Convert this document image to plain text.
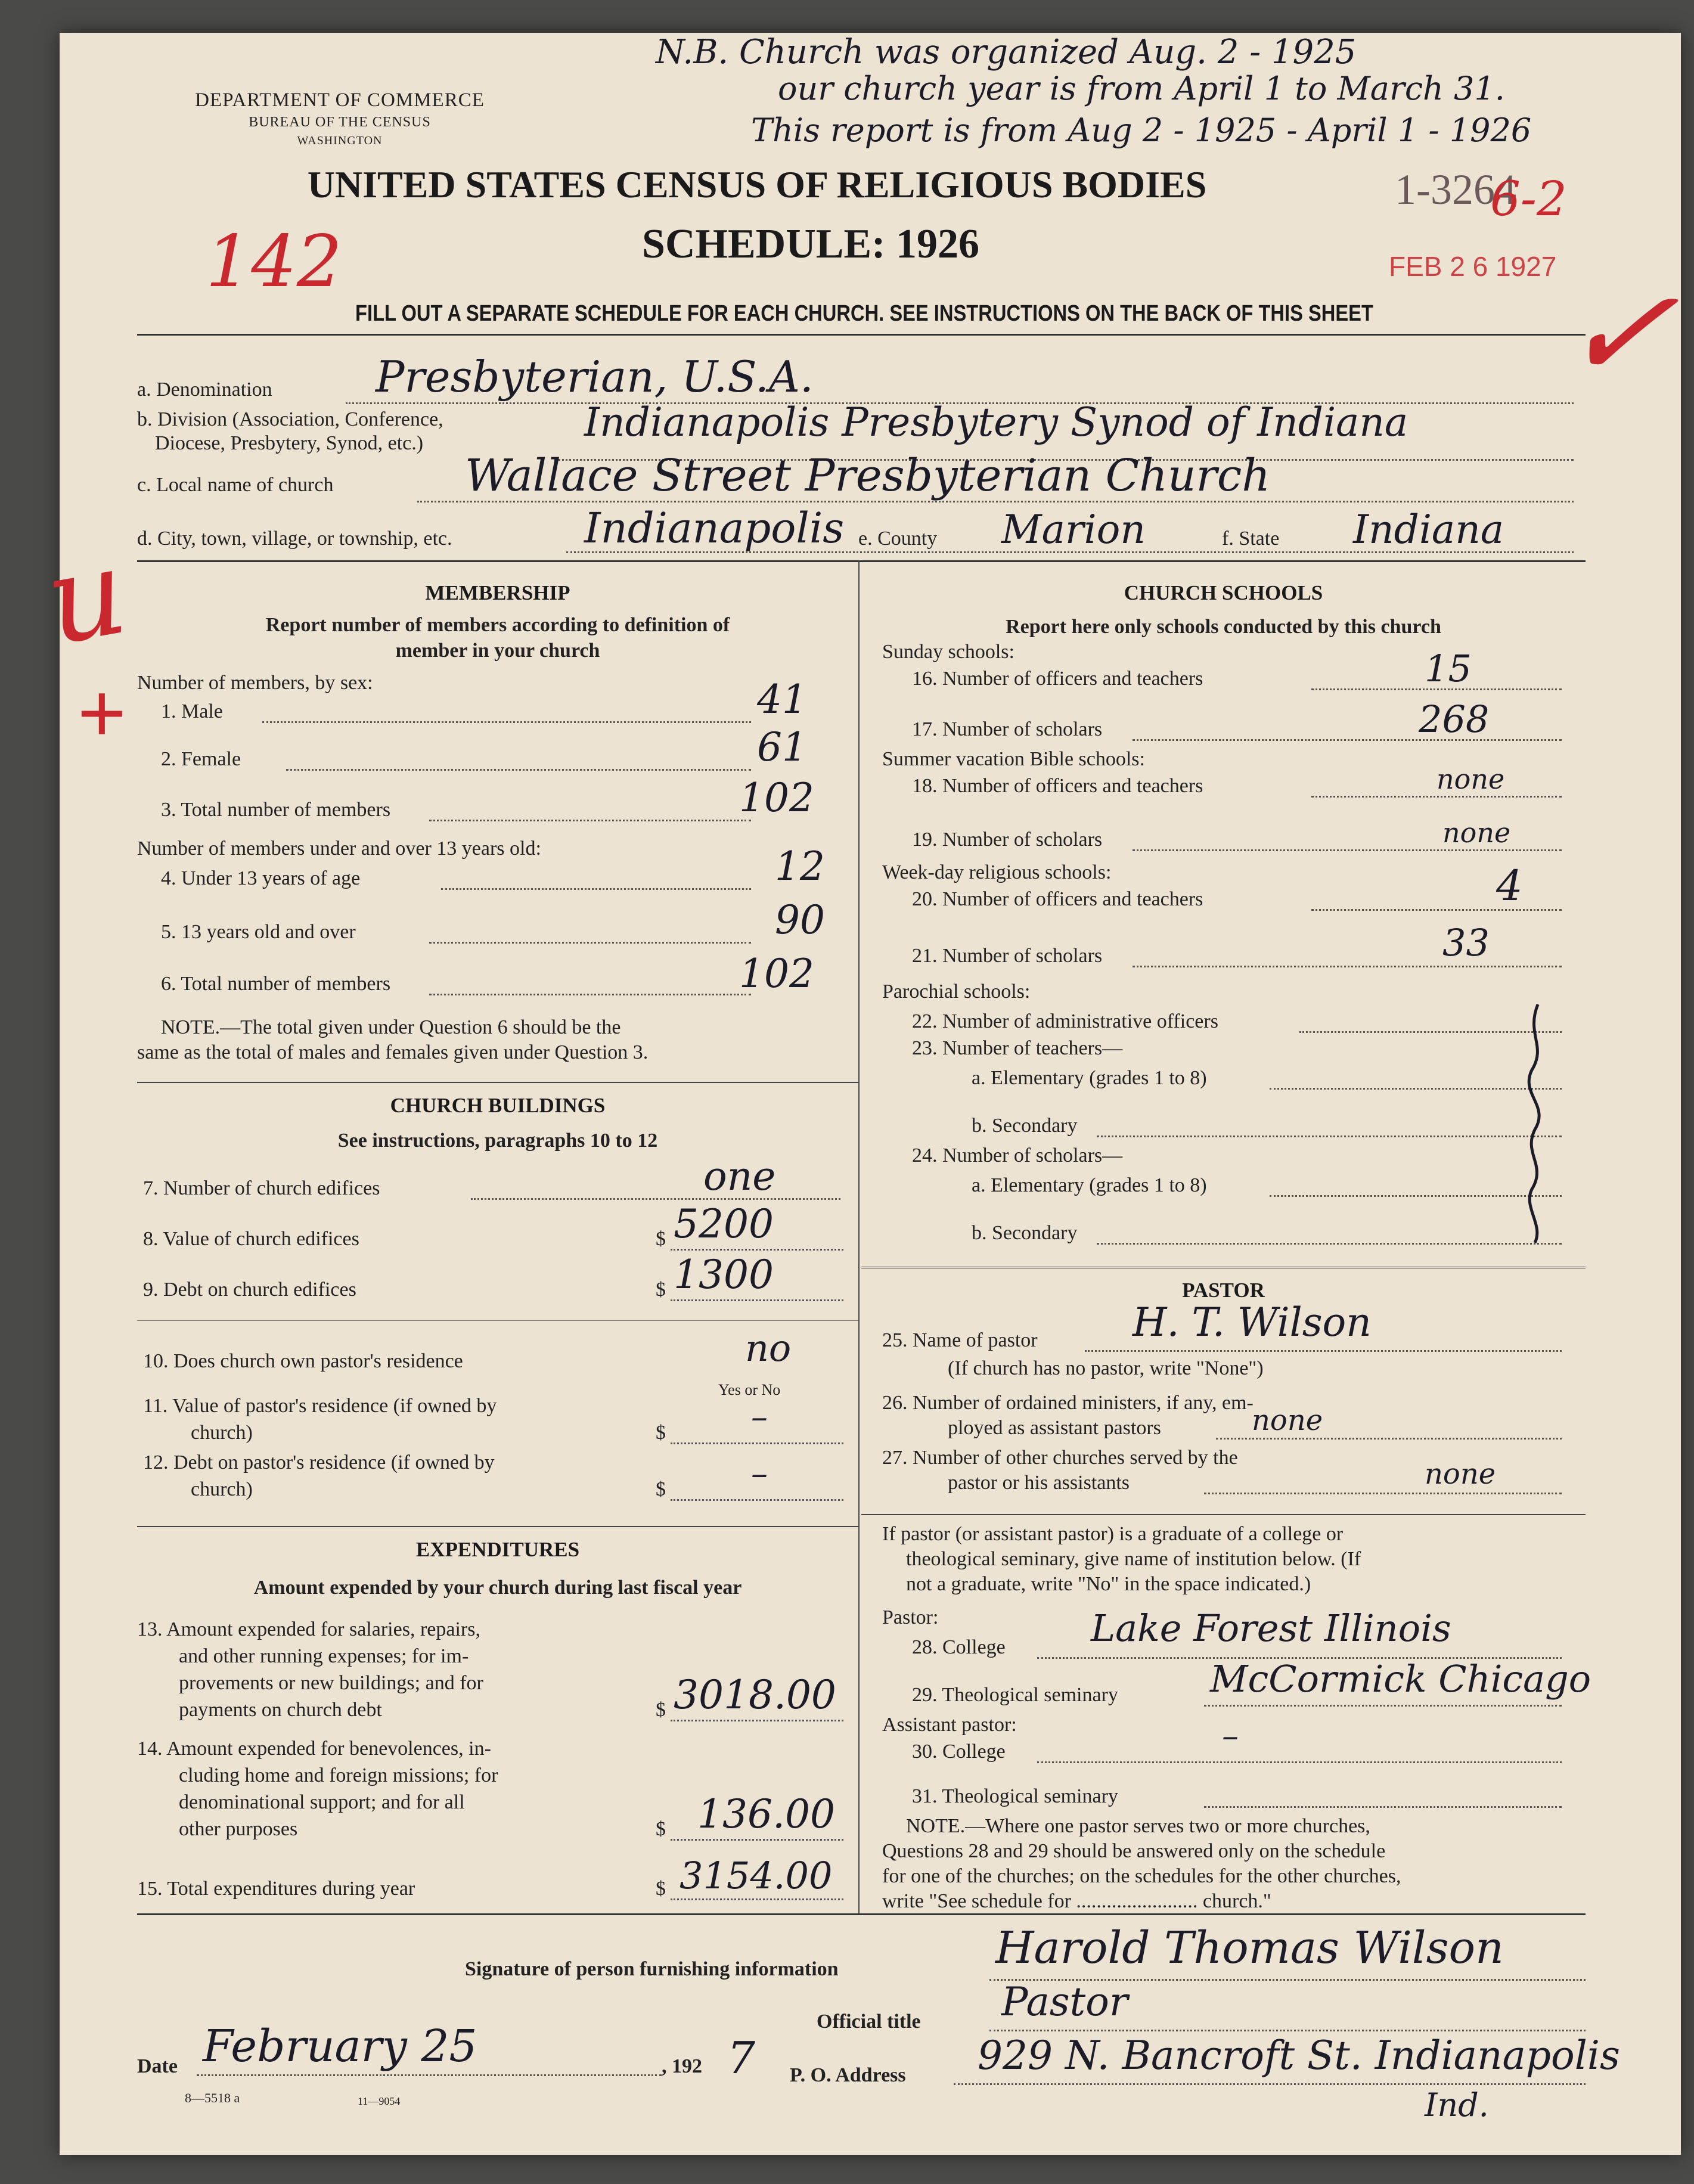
DEPARTMENT OF COMMERCE
BUREAU OF THE CENSUS
WASHINGTON
UNITED STATES CENSUS OF RELIGIOUS BODIES
SCHEDULE: 1926
FILL OUT A SEPARATE SCHEDULE FOR EACH CHURCH. SEE INSTRUCTIONS ON THE BACK OF THIS SHEET
N.B. Church was organized Aug. 2 - 1925
our church year is from April 1 to March 31.
This report is from Aug 2 - 1925 - April 1 - 1926
142
1-3264
6-2
FEB 2 6 1927
✓
u
+
a. Denomination Presbyterian, U.S.A.
b. Division (Association, Conference,
Diocese, Presbytery, Synod, etc.)	Indianapolis Presbytery Synod of Indiana
c. Local name of church	Wallace Street Presbyterian Church
d. City, town, village, or township, etc.	Indianapolis e. County Marion	f. State Indiana
MEMBERSHIP
Report number of members according to definition of
member in your church
Number of members, by sex:
1. Male	41
2. Female	61
3. Total number of members	102
Number of members under and over 13 years old:
4. Under 13 years of age	12
5. 13 years old and over	90
6. Total number of members	102
NOTE.—The total given under Question 6 should be the
same as the total of males and females given under Question 3.
CHURCH BUILDINGS
See instructions, paragraphs 10 to 12
7. Number of church edifices	one
8. Value of church edifices	$ 5200
9. Debt on church edifices	$ 1300
10. Does church own pastor's residence	no
Yes or No
11. Value of pastor's residence (if owned by
church)	$	–
12. Debt on pastor's residence (if owned by
church)	$	–
EXPENDITURES
Amount expended by your church during last fiscal year
13. Amount expended for salaries, repairs,
and other running expenses; for im-
provements or new buildings; and for
payments on church debt	$ 3018.00
14. Amount expended for benevolences, in-
cluding home and foreign missions; for
denominational support; and for all
other purposes	$ 136.00
15. Total expenditures during year	$ 3154.00
CHURCH SCHOOLS
Report here only schools conducted by this church
Sunday schools:
16. Number of officers and teachers	15
17. Number of scholars	268
Summer vacation Bible schools:
18. Number of officers and teachers	none
19. Number of scholars	none
Week-day religious schools:
20. Number of officers and teachers	4
21. Number of scholars	33
Parochial schools:
22. Number of administrative officers
23. Number of teachers—
a. Elementary (grades 1 to 8)
b. Secondary
24. Number of scholars—
a. Elementary (grades 1 to 8)
b. Secondary
PASTOR
25. Name of pastor H. T. Wilson
(If church has no pastor, write "None")
26. Number of ordained ministers, if any, em-
ployed as assistant pastors	none
27. Number of other churches served by the
pastor or his assistants	none
If pastor (or assistant pastor) is a graduate of a college or
theological seminary, give name of institution below. (If
not a graduate, write "No" in the space indicated.)
Pastor:
28. College Lake Forest Illinois
29. Theological seminary McCormick Chicago
Assistant pastor:
30. College	–
31. Theological seminary
NOTE.—Where one pastor serves two or more churches,
Questions 28 and 29 should be answered only on the schedule
for one of the churches; on the schedules for the other churches,
write "See schedule for ........................ church."
Signature of person furnishing information	Harold Thomas Wilson
Official title Pastor
Date February 25	, 192 7 P. O. Address 929 N. Bancroft St. Indianapolis
Ind.
8—5518 a	11—9054
